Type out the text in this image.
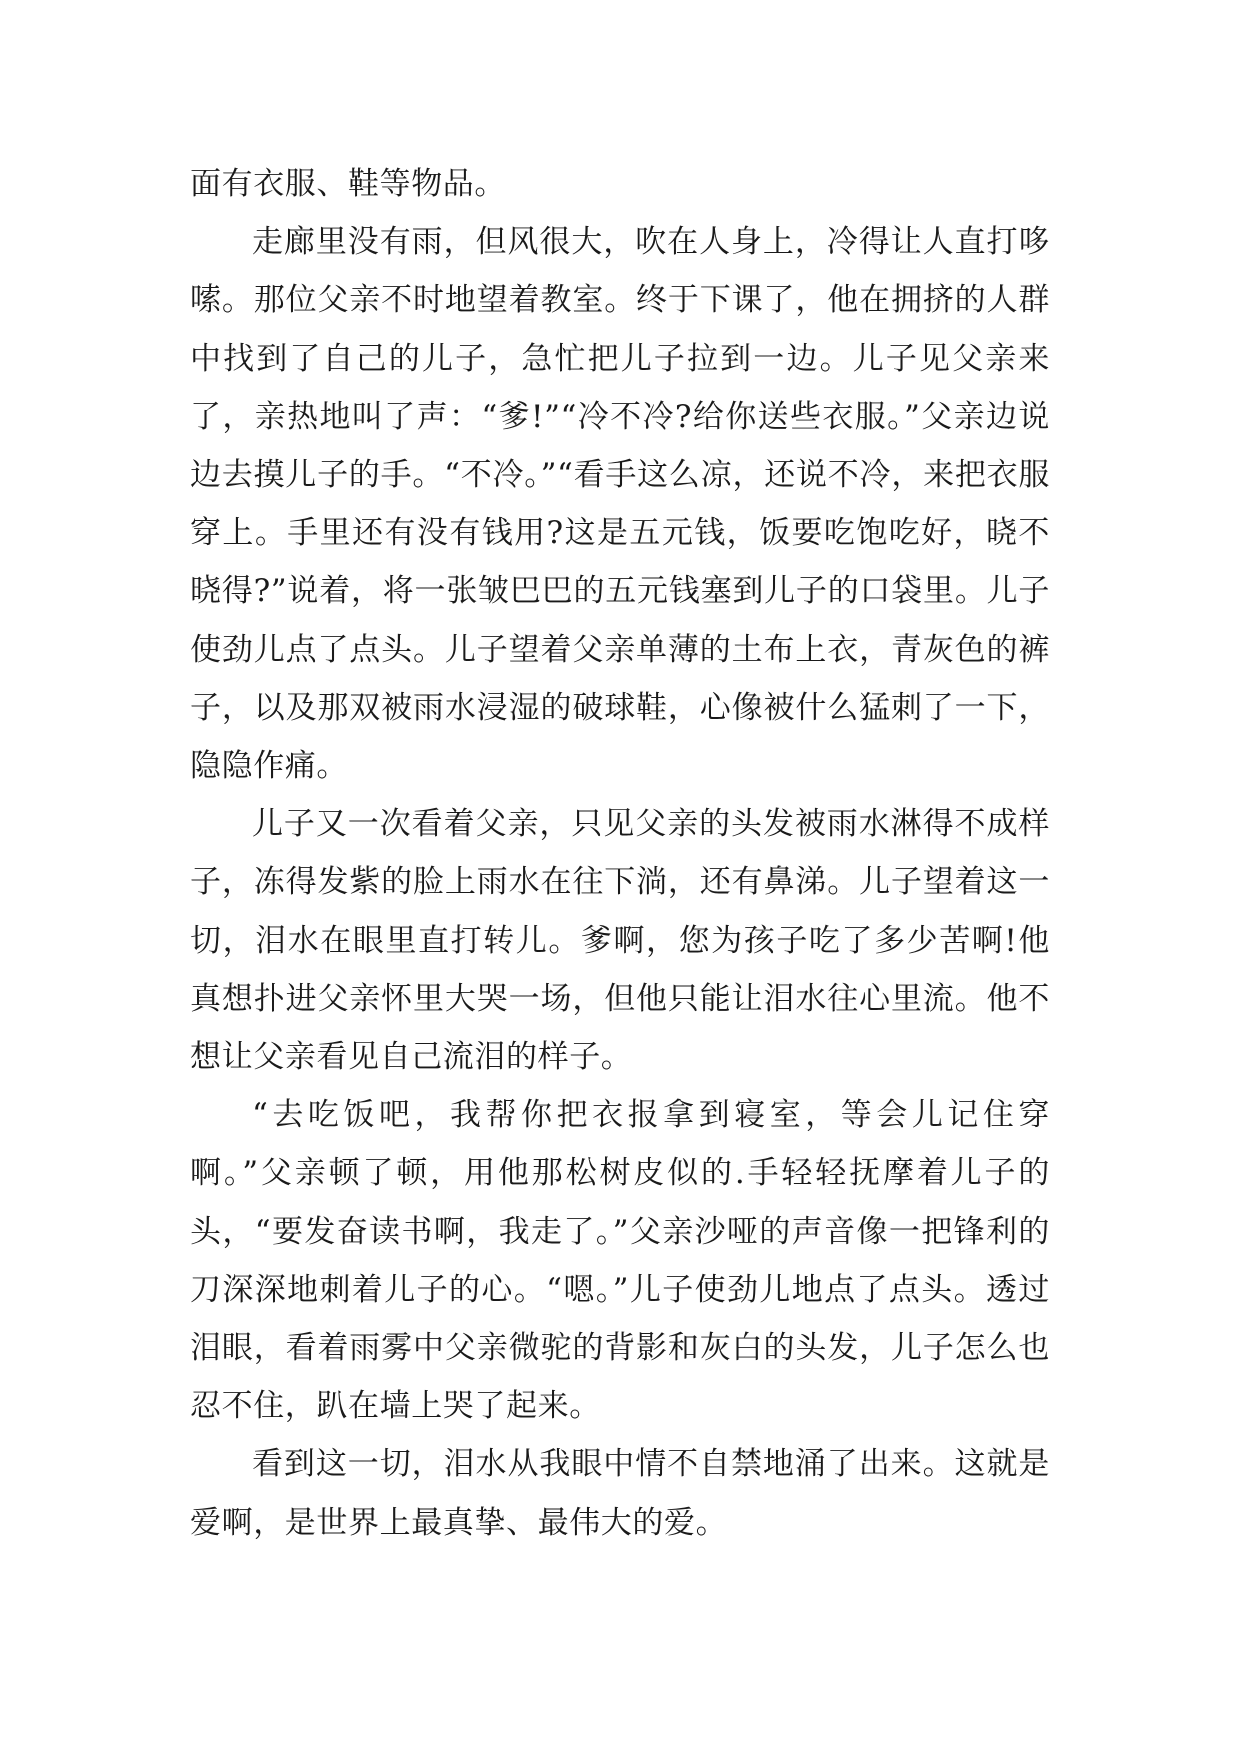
面有衣服、鞋等物品。

走廊里没有雨，但风很大，吹在人身上，冷得让人直打哆嗦。那位父亲不时地望着教室。终于下课了，他在拥挤的人群中找到了自己的儿子，急忙把儿子拉到一边。儿子见父亲来了，亲热地叫了声：“爹!”“冷不冷?给你送些衣服。”父亲边说边去摸儿子的手。“不冷。”“看手这么凉，还说不冷，来把衣服穿上。手里还有没有钱用?这是五元钱，饭要吃饱吃好，晓不晓得?”说着，将一张皱巴巴的五元钱塞到儿子的口袋里。儿子使劲儿点了点头。儿子望着父亲单薄的土布上衣，青灰色的裤子，以及那双被雨水浸湿的破球鞋，心像被什么猛刺了一下，隐隐作痛。

儿子又一次看着父亲，只见父亲的头发被雨水淋得不成样子，冻得发紫的脸上雨水在往下淌，还有鼻涕。儿子望着这一切，泪水在眼里直打转儿。爹啊，您为孩子吃了多少苦啊!他真想扑进父亲怀里大哭一场，但他只能让泪水往心里流。他不想让父亲看见自己流泪的样子。

“去吃饭吧，我帮你把衣报拿到寝室，等会儿记住穿啊。”父亲顿了顿，用他那松树皮似的.手轻轻抚摩着儿子的头，“要发奋读书啊，我走了。”父亲沙哑的声音像一把锋利的刀深深地刺着儿子的心。“嗯。”儿子使劲儿地点了点头。透过泪眼，看着雨雾中父亲微驼的背影和灰白的头发，儿子怎么也忍不住，趴在墙上哭了起来。

看到这一切，泪水从我眼中情不自禁地涌了出来。这就是爱啊，是世界上最真挚、最伟大的爱。
